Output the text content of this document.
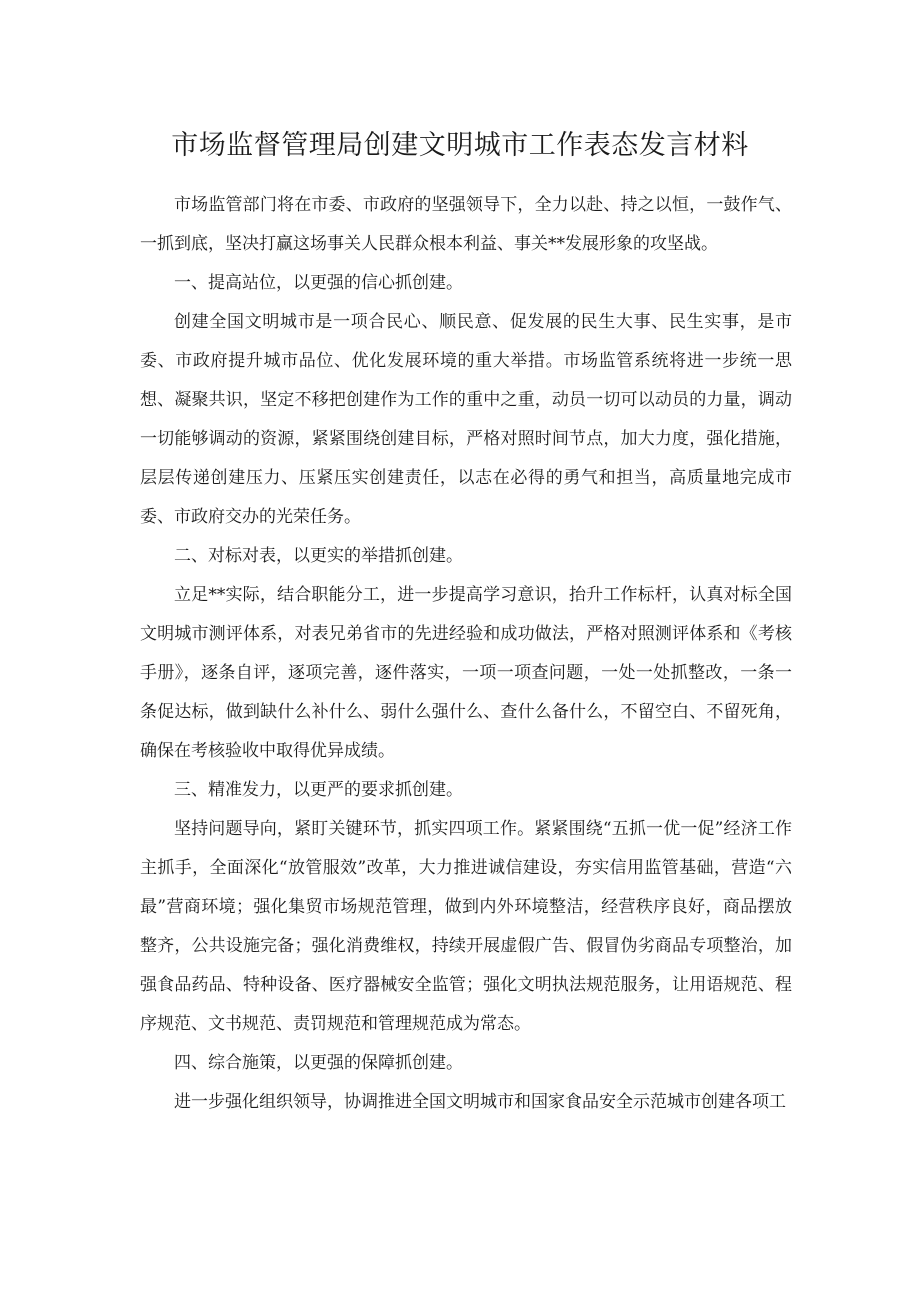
市场监督管理局创建文明城市工作表态发言材料

市场监管部门将在市委、市政府的坚强领导下，全力以赴、持之以恒，一鼓作气、一抓到底，坚决打赢这场事关人民群众根本利益、事关**发展形象的攻坚战。

一、提高站位，以更强的信心抓创建。

创建全国文明城市是一项合民心、顺民意、促发展的民生大事、民生实事，是市委、市政府提升城市品位、优化发展环境的重大举措。市场监管系统将进一步统一思想、凝聚共识，坚定不移把创建作为工作的重中之重，动员一切可以动员的力量，调动一切能够调动的资源，紧紧围绕创建目标，严格对照时间节点，加大力度，强化措施，层层传递创建压力、压紧压实创建责任，以志在必得的勇气和担当，高质量地完成市委、市政府交办的光荣任务。

二、对标对表，以更实的举措抓创建。

立足**实际，结合职能分工，进一步提高学习意识，抬升工作标杆，认真对标全国文明城市测评体系，对表兄弟省市的先进经验和成功做法，严格对照测评体系和《考核手册》，逐条自评，逐项完善，逐件落实，一项一项查问题，一处一处抓整改，一条一条促达标，做到缺什么补什么、弱什么强什么、查什么备什么，不留空白、不留死角，确保在考核验收中取得优异成绩。

三、精准发力，以更严的要求抓创建。

坚持问题导向，紧盯关键环节，抓实四项工作。紧紧围绕“五抓一优一促”经济工作主抓手，全面深化“放管服效”改革，大力推进诚信建设，夯实信用监管基础，营造“六最”营商环境；强化集贸市场规范管理，做到内外环境整洁，经营秩序良好，商品摆放整齐，公共设施完备；强化消费维权，持续开展虚假广告、假冒伪劣商品专项整治，加强食品药品、特种设备、医疗器械安全监管；强化文明执法规范服务，让用语规范、程序规范、文书规范、责罚规范和管理规范成为常态。

四、综合施策，以更强的保障抓创建。

进一步强化组织领导，协调推进全国文明城市和国家食品安全示范城市创建各项工
